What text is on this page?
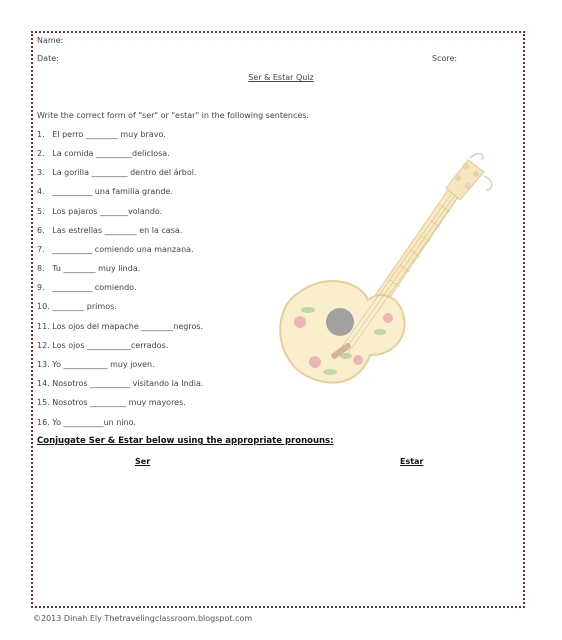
Name:
Date:	Score:
Ser & Estar Quiz
Write the correct form of "ser" or "estar" in the following sentences.
1.   El perro ________ muy bravo.
2.   La comida _________delicIosa.
3.   La gorilla _________ dentro del árbol.
4.   __________ una familia grande.
5.   Los pajaros _______volando.
6.   Las estrellas ________ en la casa.
7.   __________ comiendo una manzana.
8.   Tu ________ muy linda.
9.   __________ comiendo.
10. ________ primos.
11. Los ojos del mapache ________negros.
12. Los ojos ___________cerrados.
13. Yo ___________ muy joven.
14. Nosotros __________ visitando la India.
15. Nosotros _________ muy mayores.
16. Yo __________un nino.
Conjugate Ser & Estar below using the appropriate pronouns:
Ser	Estar
©2013 Dinah Ely Thetravelingclassroom.blogspot.com
